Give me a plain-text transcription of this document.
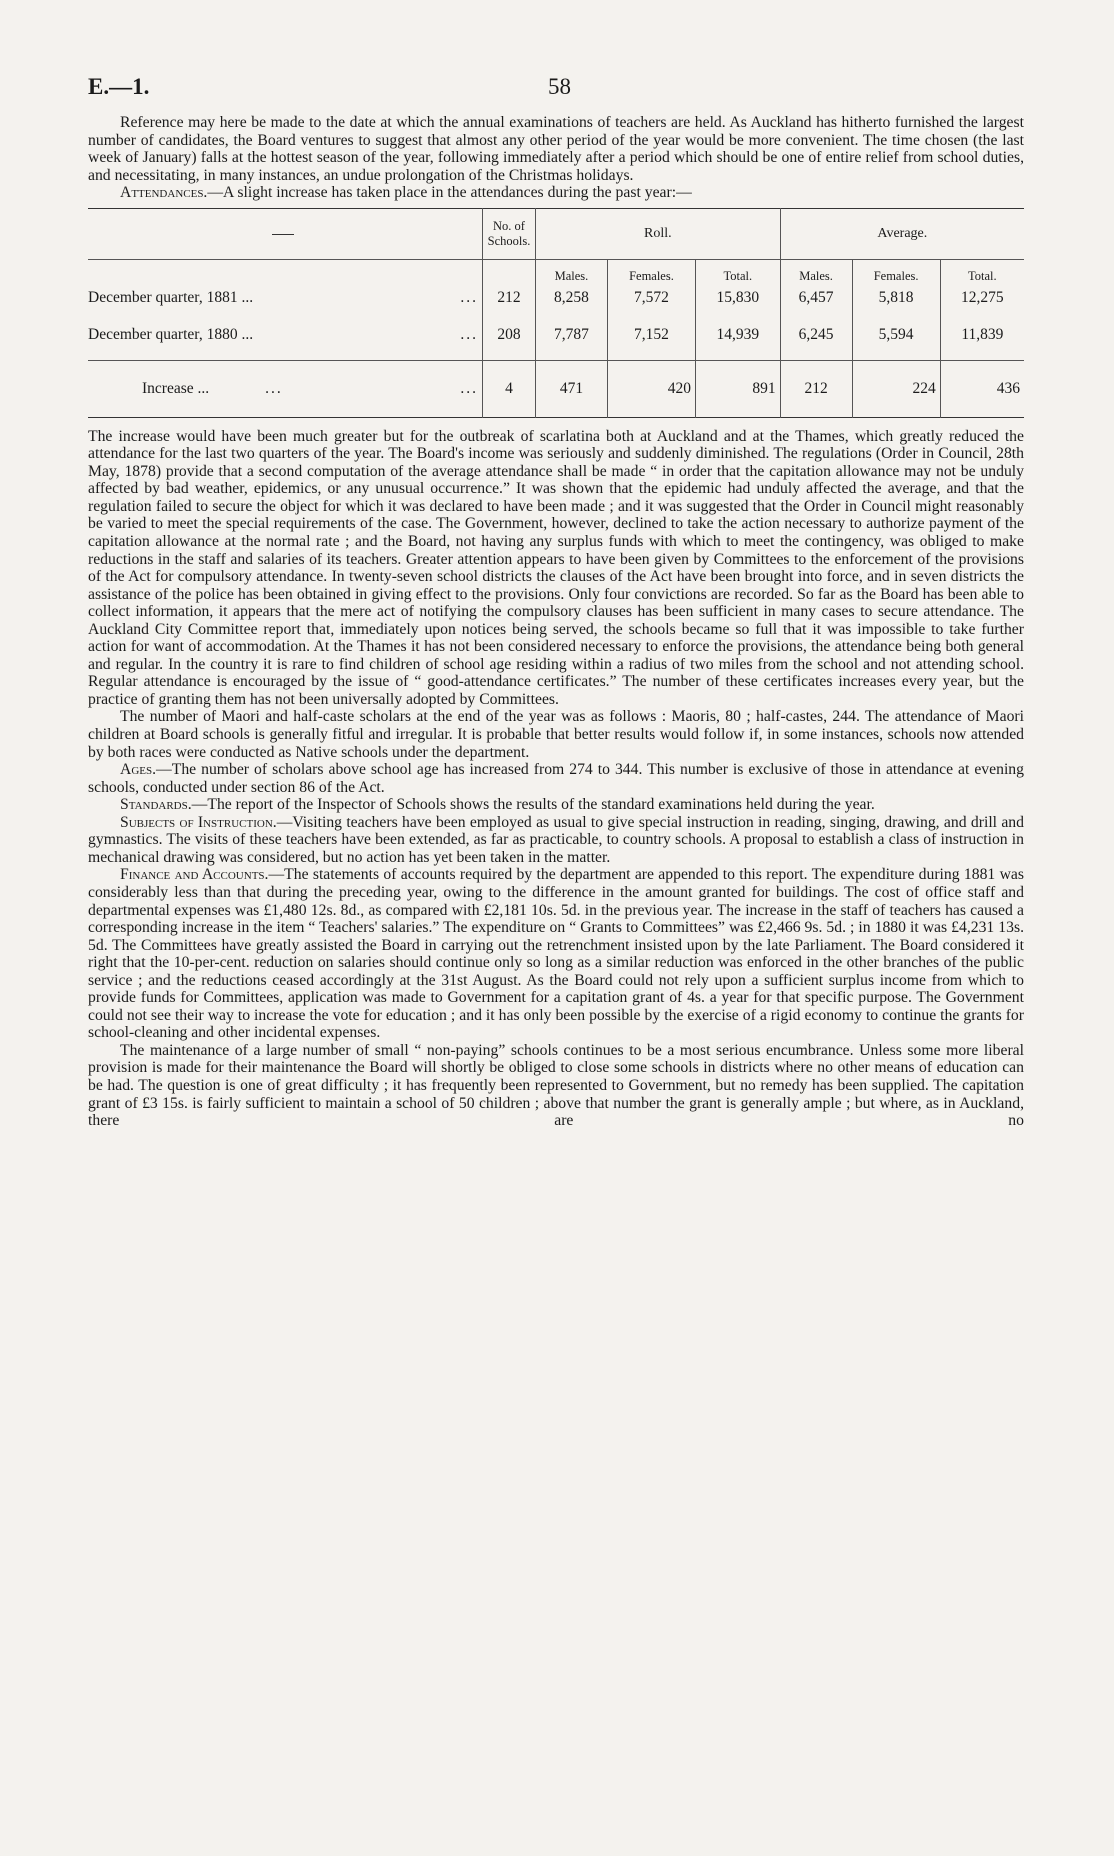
E.—1.	58

Reference may here be made to the date at which the annual examinations of teachers are held. As Auckland has hitherto furnished the largest number of candidates, the Board ventures to suggest that almost any other period of the year would be more convenient. The time chosen (the last week of January) falls at the hottest season of the year, following immediately after a period which should be one of entire relief from school duties, and necessitating, in many instances, an undue prolongation of the Christmas holidays.

Attendances.—A slight increase has taken place in the attendances during the past year:—

	No. of Schools.	Roll.			Average.		
		Males.	Females.	Total.	Males.	Females.	Total.
December quarter, 1881 ... ...	212	8,258	7,572	15,830	6,457	5,818	12,275
December quarter, 1880 ... ...	208	7,787	7,152	14,939	6,245	5,594	11,839
Increase ... ... ...	4	471	420	891	212	224	436

The increase would have been much greater but for the outbreak of scarlatina both at Auckland and at the Thames, which greatly reduced the attendance for the last two quarters of the year. The Board's income was seriously and suddenly diminished. The regulations (Order in Council, 28th May, 1878) provide that a second computation of the average attendance shall be made “ in order that the capitation allowance may not be unduly affected by bad weather, epidemics, or any unusual occurrence.” It was shown that the epidemic had unduly affected the average, and that the regulation failed to secure the object for which it was declared to have been made ; and it was suggested that the Order in Council might reasonably be varied to meet the special requirements of the case. The Government, however, declined to take the action necessary to authorize payment of the capitation allowance at the normal rate ; and the Board, not having any surplus funds with which to meet the contingency, was obliged to make reductions in the staff and salaries of its teachers. Greater attention appears to have been given by Committees to the enforcement of the provisions of the Act for compulsory attendance. In twenty-seven school districts the clauses of the Act have been brought into force, and in seven districts the assistance of the police has been obtained in giving effect to the provisions. Only four convictions are recorded. So far as the Board has been able to collect information, it appears that the mere act of notifying the compulsory clauses has been sufficient in many cases to secure attendance. The Auckland City Committee report that, immediately upon notices being served, the schools became so full that it was impossible to take further action for want of accommodation. At the Thames it has not been considered necessary to enforce the provisions, the attendance being both general and regular. In the country it is rare to find children of school age residing within a radius of two miles from the school and not attending school. Regular attendance is encouraged by the issue of “ good-attendance certificates.” The number of these certificates increases every year, but the practice of granting them has not been universally adopted by Committees.

The number of Maori and half-caste scholars at the end of the year was as follows : Maoris, 80 ; half-castes, 244. The attendance of Maori children at Board schools is generally fitful and irregular. It is probable that better results would follow if, in some instances, schools now attended by both races were conducted as Native schools under the department.

Ages.—The number of scholars above school age has increased from 274 to 344. This number is exclusive of those in attendance at evening schools, conducted under section 86 of the Act.

Standards.—The report of the Inspector of Schools shows the results of the standard examinations held during the year.

Subjects of Instruction.—Visiting teachers have been employed as usual to give special instruction in reading, singing, drawing, and drill and gymnastics. The visits of these teachers have been extended, as far as practicable, to country schools. A proposal to establish a class of instruction in mechanical drawing was considered, but no action has yet been taken in the matter.

Finance and Accounts.—The statements of accounts required by the department are appended to this report. The expenditure during 1881 was considerably less than that during the preceding year, owing to the difference in the amount granted for buildings. The cost of office staff and departmental expenses was £1,480 12s. 8d., as compared with £2,181 10s. 5d. in the previous year. The increase in the staff of teachers has caused a corresponding increase in the item “ Teachers' salaries.” The expenditure on “ Grants to Committees” was £2,466 9s. 5d. ; in 1880 it was £4,231 13s. 5d. The Committees have greatly assisted the Board in carrying out the retrenchment insisted upon by the late Parliament. The Board considered it right that the 10-per-cent. reduction on salaries should continue only so long as a similar reduction was enforced in the other branches of the public service ; and the reductions ceased accordingly at the 31st August. As the Board could not rely upon a sufficient surplus income from which to provide funds for Committees, application was made to Government for a capitation grant of 4s. a year for that specific purpose. The Government could not see their way to increase the vote for education ; and it has only been possible by the exercise of a rigid economy to continue the grants for school-cleaning and other incidental expenses.

The maintenance of a large number of small “ non-paying” schools continues to be a most serious encumbrance. Unless some more liberal provision is made for their maintenance the Board will shortly be obliged to close some schools in districts where no other means of education can be had. The question is one of great difficulty ; it has frequently been represented to Government, but no remedy has been supplied. The capitation grant of £3 15s. is fairly sufficient to maintain a school of 50 children ; above that number the grant is generally ample ; but where, as in Auckland, there are no
